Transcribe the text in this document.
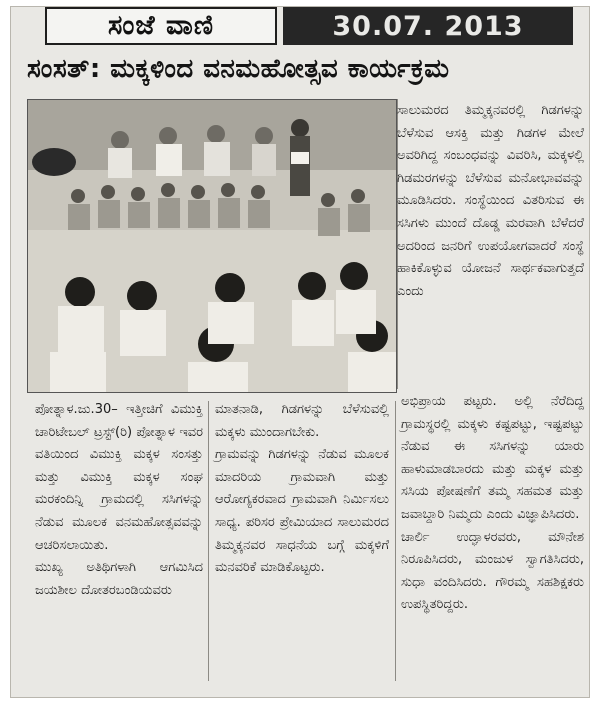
ಸಂಜೆ ವಾಣಿ	30.07. 2013
ಸಂಸತ್: ಮಕ್ಕಳಿಂದ ವನಮಹೋತ್ಸವ ಕಾರ್ಯಕ್ರಮ

ಸಾಲುಮರದ ತಿಮ್ಮಕ್ಕನವರಲ್ಲಿ ಗಿಡಗಳನ್ನು ಬೆಳೆಸುವ ಆಸಕ್ತಿ ಮತ್ತು ಗಿಡಗಳ ಮೇಲೆ ಅವರಿಗಿದ್ದ ಸಂಬಂಧವನ್ನು ವಿವರಿಸಿ, ಮಕ್ಕಳಲ್ಲಿ ಗಿಡಮರಗಳನ್ನು ಬೆಳೆಸುವ ಮನೋಭಾವವನ್ನು ಮೂಡಿಸಿದರು. ಸಂಸ್ಥೆಯಿಂದ ವಿತರಿಸುವ ಈ ಸಸಿಗಳು ಮುಂದೆ ದೊಡ್ಡ ಮರವಾಗಿ ಬೆಳೆದರೆ ಅದರಿಂದ ಜನರಿಗೆ ಉಪಯೋಗವಾದರೆ ಸಂಸ್ಥೆ ಹಾಕಿಕೊಳ್ಳುವ ಯೋಜನೆ ಸಾರ್ಥಕವಾಗುತ್ತದೆ ಎಂದು

ಪೋತ್ನಾಳ.ಜು.30– ಇತ್ತೀಚಿಗೆ ವಿಮುಕ್ತಿ ಚಾರಿಟೇಬಲ್ ಟ್ರಸ್ಟ್(ರಿ) ಪೋತ್ನಾಳ ಇವರ ವತಿಯಿಂದ ವಿಮುಕ್ತಿ ಮಕ್ಕಳ ಸಂಸತ್ತು ಮತ್ತು ವಿಮುಕ್ತಿ ಮಕ್ಕಳ ಸಂಘ ಮರಕಂದಿನ್ನಿ ಗ್ರಾಮದಲ್ಲಿ ಸಸಿಗಳನ್ನು ನೆಡುವ ಮೂಲಕ ವನಮಹೋತ್ಸವವನ್ನು ಆಚರಿಸಲಾಯಿತು.

ಮುಖ್ಯ ಅತಿಥಿಗಳಾಗಿ ಆಗಮಿಸಿದ ಜಯಶೀಲ ದೋತರಬಂಡಿಯವರು

ಮಾತನಾಡಿ, ಗಿಡಗಳನ್ನು ಬೆಳೆಸುವಲ್ಲಿ ಮಕ್ಕಳು ಮುಂದಾಗಬೇಕು.

ಗ್ರಾಮವನ್ನು ಗಿಡಗಳನ್ನು ನೆಡುವ ಮೂಲಕ ಮಾದರಿಯ ಗ್ರಾಮವಾಗಿ ಮತ್ತು ಆರೋಗ್ಯಕರವಾದ ಗ್ರಾಮವಾಗಿ ನಿರ್ಮಿಸಲು ಸಾಧ್ಯ. ಪರಿಸರ ಪ್ರೇಮಿಯಾದ ಸಾಲುಮರದ ತಿಮ್ಮಕ್ಕನವರ ಸಾಧನೆಯ ಬಗ್ಗೆ ಮಕ್ಕಳಿಗೆ ಮನವರಿಕೆ ಮಾಡಿಕೊಟ್ಟರು.

ಅಭಿಪ್ರಾಯ ಪಟ್ಟರು. ಅಲ್ಲಿ ನೆರೆದಿದ್ದ ಗ್ರಾಮಸ್ಥರಲ್ಲಿ ಮಕ್ಕಳು ಕಷ್ಟಪಟ್ಟು, ಇಷ್ಟಪಟ್ಟು ನೆಡುವ ಈ ಸಸಿಗಳನ್ನು ಯಾರು ಹಾಳುಮಾಡಬಾರದು ಮತ್ತು ಮಕ್ಕಳ ಮತ್ತು ಸಸಿಯ ಪೋಷಣೆಗೆ ತಮ್ಮ ಸಹಮತ ಮತ್ತು ಜವಾಬ್ದಾರಿ ನಿಮ್ಮದು ಎಂದು ವಿಜ್ಞಾಪಿಸಿದರು.

ಚಾರ್ಲಿ ಉದ್ಘಾಳರವರು, ಮೌನೇಶ ನಿರೂಪಿಸಿದರು, ಮಂಜುಳ ಸ್ವಾಗತಿಸಿದರು, ಸುಧಾ ವಂದಿಸಿದರು. ಗೌರಮ್ಮ ಸಹಶಿಕ್ಷಕರು ಉಪಸ್ಥಿತರಿದ್ದರು.
